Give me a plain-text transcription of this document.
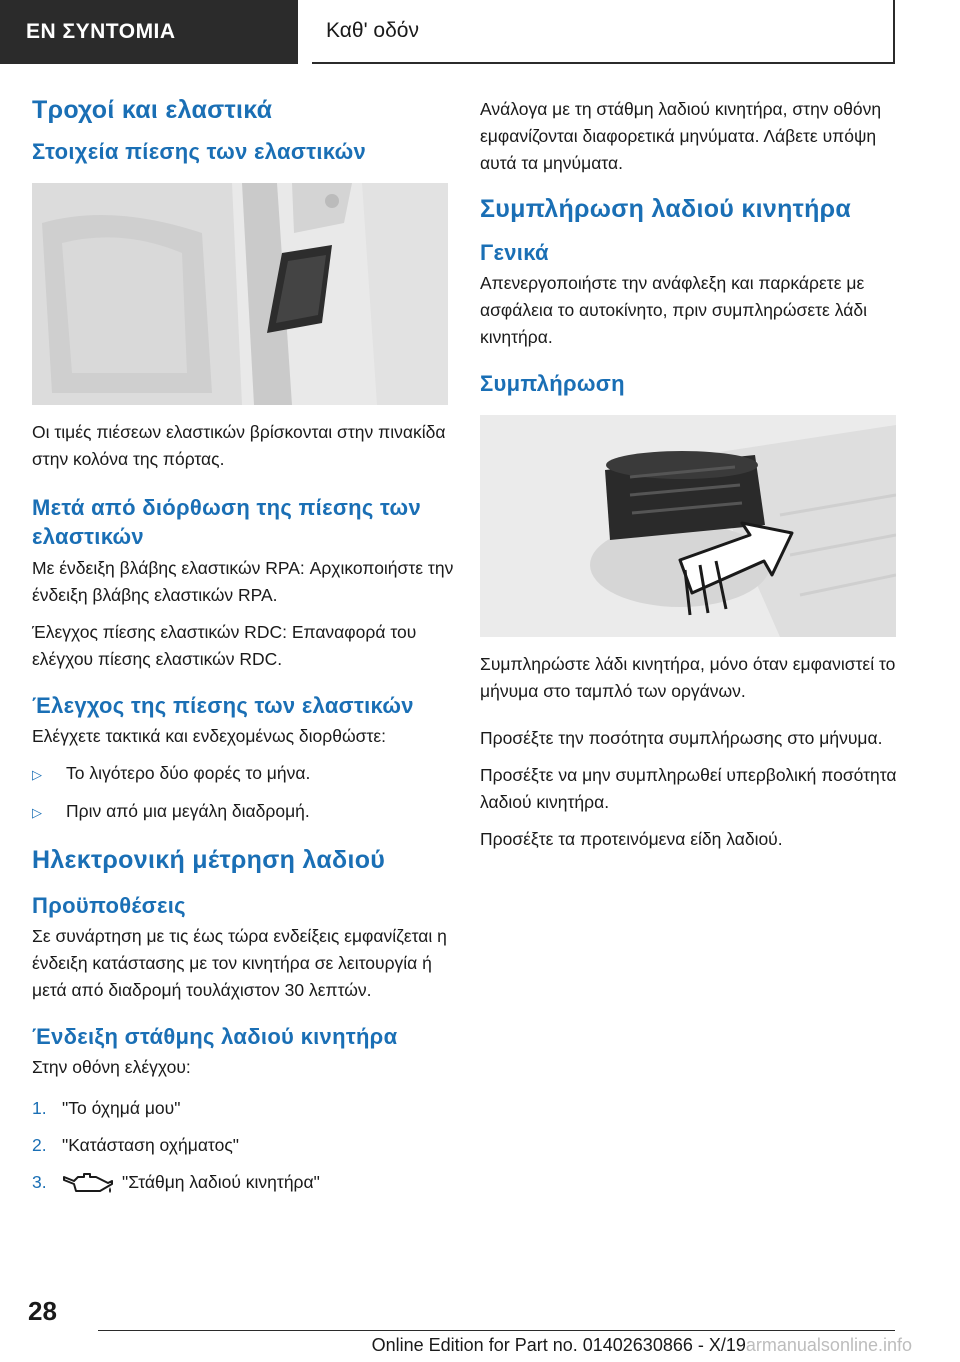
ΕΝ ΣΥΝΤΟΜΙΑ	Καθ' οδόν
Τροχοί και ελαστικά
Στοιχεία πίεσης των ελαστικών
Οι τιμές πιέσεων ελαστικών βρίσκονται στην πινακίδα στην κολόνα της πόρτας.
Μετά από διόρθωση της πίεσης των ελαστικών
Με ένδειξη βλάβης ελαστικών RPA: Αρχικοποιήστε την ένδειξη βλάβης ελαστικών RPA.
Έλεγχος πίεσης ελαστικών RDC: Επαναφορά του ελέγχου πίεσης ελαστικών RDC.
Έλεγχος της πίεσης των ελαστικών
Ελέγχετε τακτικά και ενδεχομένως διορθώστε:
▷	Το λιγότερο δύο φορές το μήνα.
▷	Πριν από μια μεγάλη διαδρομή.
Ηλεκτρονική μέτρηση λαδιού
Προϋποθέσεις
Σε συνάρτηση με τις έως τώρα ενδείξεις εμφανίζεται η ένδειξη κατάστασης με τον κινητήρα σε λειτουργία ή μετά από διαδρομή τουλάχιστον 30 λεπτών.
Ένδειξη στάθμης λαδιού κινητήρα
Στην οθόνη ελέγχου:
1. "Το όχημά μου"
2. "Κατάσταση οχήματος"
3.	"Στάθμη λαδιού κινητήρα"
Ανάλογα με τη στάθμη λαδιού κινητήρα, στην οθόνη εμφανίζονται διαφορετικά μηνύματα. Λάβετε υπόψη αυτά τα μηνύματα.
Συμπλήρωση λαδιού κινητήρα
Γενικά
Απενεργοποιήστε την ανάφλεξη και παρκάρετε με ασφάλεια το αυτοκίνητο, πριν συμπληρώσετε λάδι κινητήρα.
Συμπλήρωση
Συμπληρώστε λάδι κινητήρα, μόνο όταν εμφανιστεί το μήνυμα στο ταμπλό των οργάνων.
Προσέξτε την ποσότητα συμπλήρωσης στο μήνυμα.
Προσέξτε να μην συμπληρωθεί υπερβολική ποσότητα λαδιού κινητήρα.
Προσέξτε τα προτεινόμενα είδη λαδιού.
28
Online Edition for Part no. 01402630866 - X/19armanualsonline.info
